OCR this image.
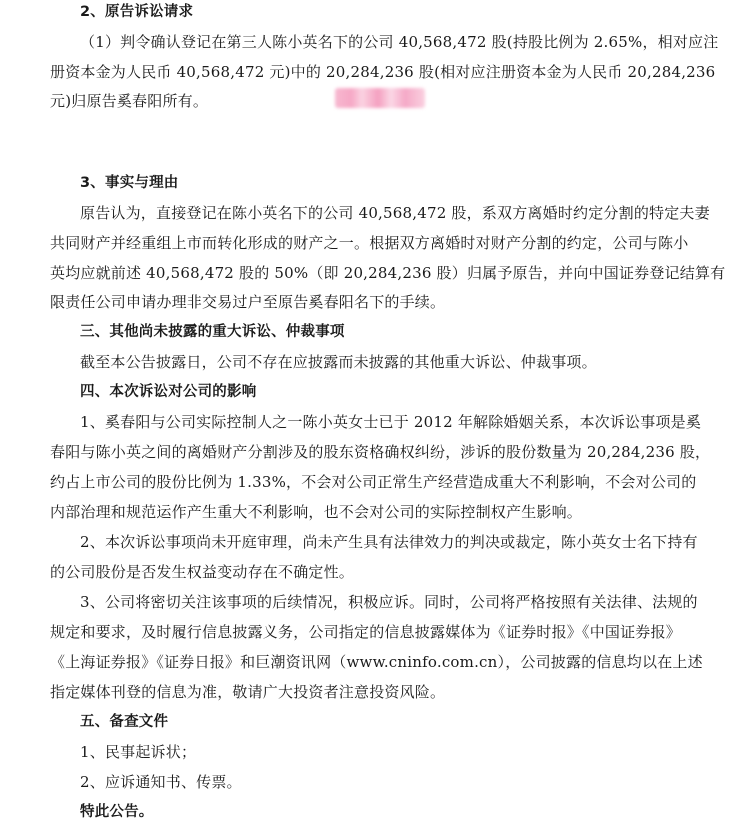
2、原告诉讼请求
（1）判令确认登记在第三人陈小英名下的公司 40,568,472 股(持股比例为 2.65%，相对应注
册资本金为人民币 40,568,472 元)中的 20,284,236 股(相对应注册资本金为人民币 20,284,236
元)归原告奚春阳所有。
3、事实与理由
原告认为，直接登记在陈小英名下的公司 40,568,472 股，系双方离婚时约定分割的特定夫妻
共同财产并经重组上市而转化形成的财产之一。根据双方离婚时对财产分割的约定，公司与陈小
英均应就前述 40,568,472 股的 50%（即 20,284,236 股）归属予原告，并向中国证券登记结算有
限责任公司申请办理非交易过户至原告奚春阳名下的手续。
三、其他尚未披露的重大诉讼、仲裁事项
截至本公告披露日，公司不存在应披露而未披露的其他重大诉讼、仲裁事项。
四、本次诉讼对公司的影响
1、奚春阳与公司实际控制人之一陈小英女士已于 2012 年解除婚姻关系，本次诉讼事项是奚
春阳与陈小英之间的离婚财产分割涉及的股东资格确权纠纷，涉诉的股份数量为 20,284,236 股，
约占上市公司的股份比例为 1.33%，不会对公司正常生产经营造成重大不利影响，不会对公司的
内部治理和规范运作产生重大不利影响，也不会对公司的实际控制权产生影响。
2、本次诉讼事项尚未开庭审理，尚未产生具有法律效力的判决或裁定，陈小英女士名下持有
的公司股份是否发生权益变动存在不确定性。
3、公司将密切关注该事项的后续情况，积极应诉。同时，公司将严格按照有关法律、法规的
规定和要求，及时履行信息披露义务，公司指定的信息披露媒体为《证券时报》《中国证券报》
《上海证券报》《证券日报》和巨潮资讯网（www.cninfo.com.cn），公司披露的信息均以在上述
指定媒体刊登的信息为准，敬请广大投资者注意投资风险。
五、备查文件
1、民事起诉状；
2、应诉通知书、传票。
特此公告。
